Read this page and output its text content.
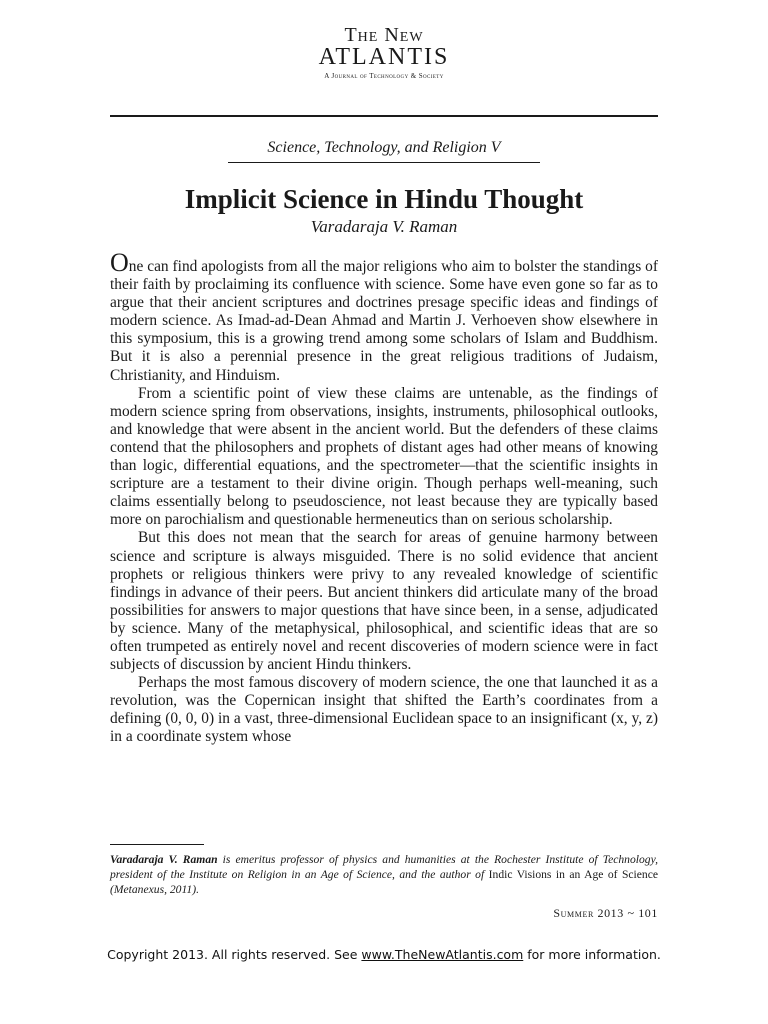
The New
ATLANTIS
A Journal of Technology & Society
Science, Technology, and Religion V
Implicit Science in Hindu Thought
Varadaraja V. Raman

One can find apologists from all the major religions who aim to bolster the standings of their faith by proclaiming its confluence with science. Some have even gone so far as to argue that their ancient scriptures and doctrines presage specific ideas and findings of modern science. As Imad-ad-Dean Ahmad and Martin J. Verhoeven show elsewhere in this symposium, this is a growing trend among some scholars of Islam and Buddhism. But it is also a perennial presence in the great religious traditions of Judaism, Christianity, and Hinduism.

From a scientific point of view these claims are untenable, as the findings of modern science spring from observations, insights, instruments, philosophical outlooks, and knowledge that were absent in the ancient world. But the defenders of these claims contend that the philosophers and prophets of distant ages had other means of knowing than logic, differential equations, and the spectrometer—that the scientific insights in scripture are a testament to their divine origin. Though perhaps well-meaning, such claims essentially belong to pseudoscience, not least because they are typically based more on parochialism and questionable hermeneutics than on serious scholarship.

But this does not mean that the search for areas of genuine harmony between science and scripture is always misguided. There is no solid evidence that ancient prophets or religious thinkers were privy to any revealed knowledge of scientific findings in advance of their peers. But ancient thinkers did articulate many of the broad possibilities for answers to major questions that have since been, in a sense, adjudicated by science. Many of the metaphysical, philosophical, and scientific ideas that are so often trumpeted as entirely novel and recent discoveries of modern science were in fact subjects of discussion by ancient Hindu thinkers.

Perhaps the most famous discovery of modern science, the one that launched it as a revolution, was the Copernican insight that shifted the Earth’s coordinates from a defining (0, 0, 0) in a vast, three-dimensional Euclidean space to an insignificant (x, y, z) in a coordinate system whose

Varadaraja V. Raman is emeritus professor of physics and humanities at the Rochester Institute of Technology, president of the Institute on Religion in an Age of Science, and the author of Indic Visions in an Age of Science (Metanexus, 2011).
Summer 2013 ~ 101
Copyright 2013. All rights reserved. See www.TheNewAtlantis.com for more information.
